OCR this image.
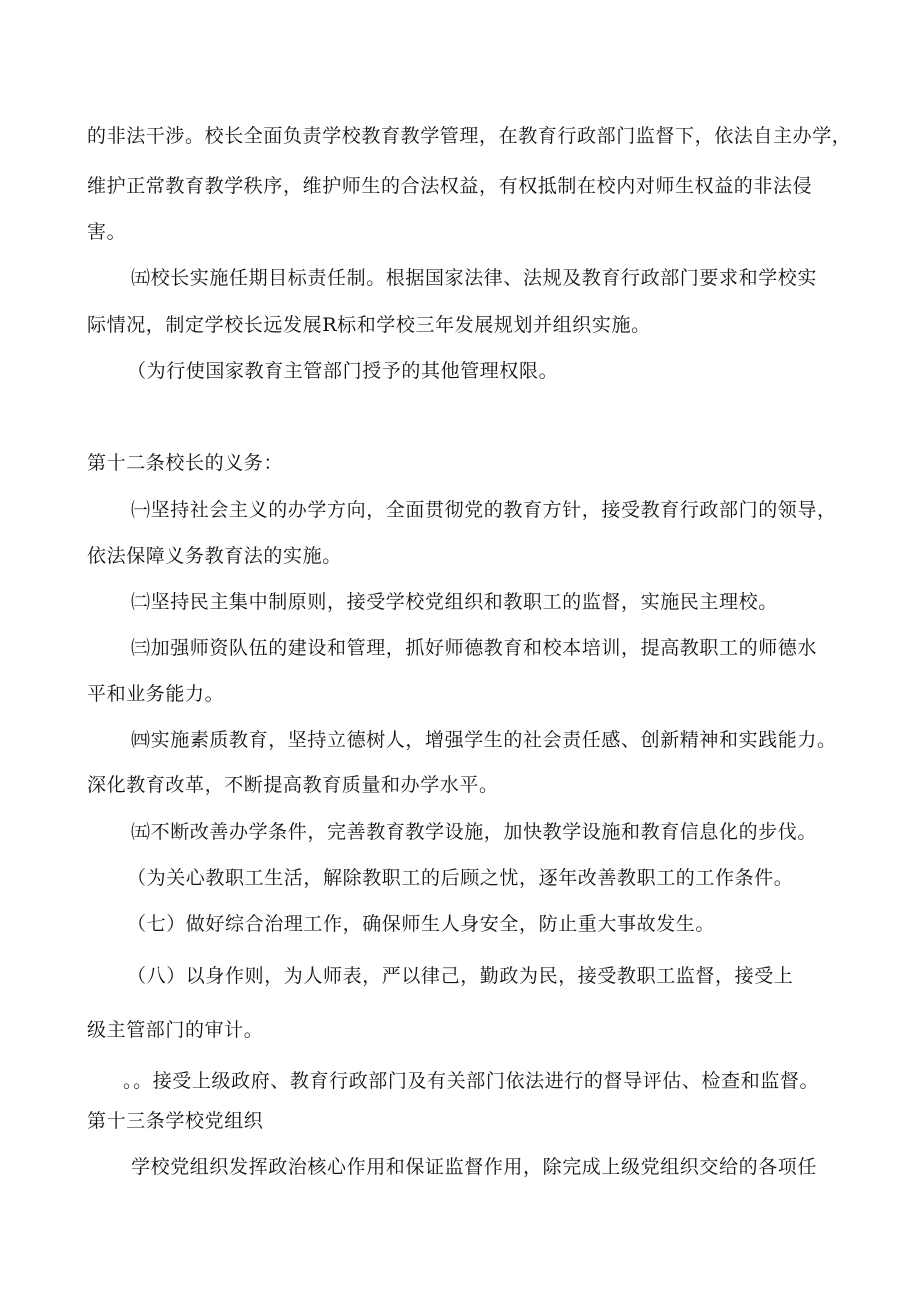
的非法干涉。校长全面负责学校教育教学管理，在教育行政部门监督下，依法自主办学，
维护正常教育教学秩序，维护师生的合法权益，有权抵制在校内对师生权益的非法侵
害。
㈤校长实施任期目标责任制。根据国家法律、法规及教育行政部门要求和学校实
际情况，制定学校长远发展R标和学校三年发展规划并组织实施。
（为行使国家教育主管部门授予的其他管理权限。
第十二条校长的义务：
㈠坚持社会主义的办学方向，全面贯彻党的教育方针，接受教育行政部门的领导，
依法保障义务教育法的实施。
㈡坚持民主集中制原则，接受学校党组织和教职工的监督，实施民主理校。
㈢加强师资队伍的建设和管理，抓好师德教育和校本培训，提高教职工的师德水
平和业务能力。
㈣实施素质教育，坚持立德树人，增强学生的社会责任感、创新精神和实践能力。
深化教育改革，不断提高教育质量和办学水平。
㈤不断改善办学条件，完善教育教学设施，加快教学设施和教育信息化的步伐。
（为关心教职工生活，解除教职工的后顾之忧，逐年改善教职工的工作条件。
（七）做好综合治理工作，确保师生人身安全，防止重大事故发生。
（八）以身作则，为人师表，严以律己，勤政为民，接受教职工监督，接受上
级主管部门的审计。
。。接受上级政府、教育行政部门及有关部门依法进行的督导评估、检查和监督。
第十三条学校党组织
学校党组织发挥政治核心作用和保证监督作用，除完成上级党组织交给的各项任
